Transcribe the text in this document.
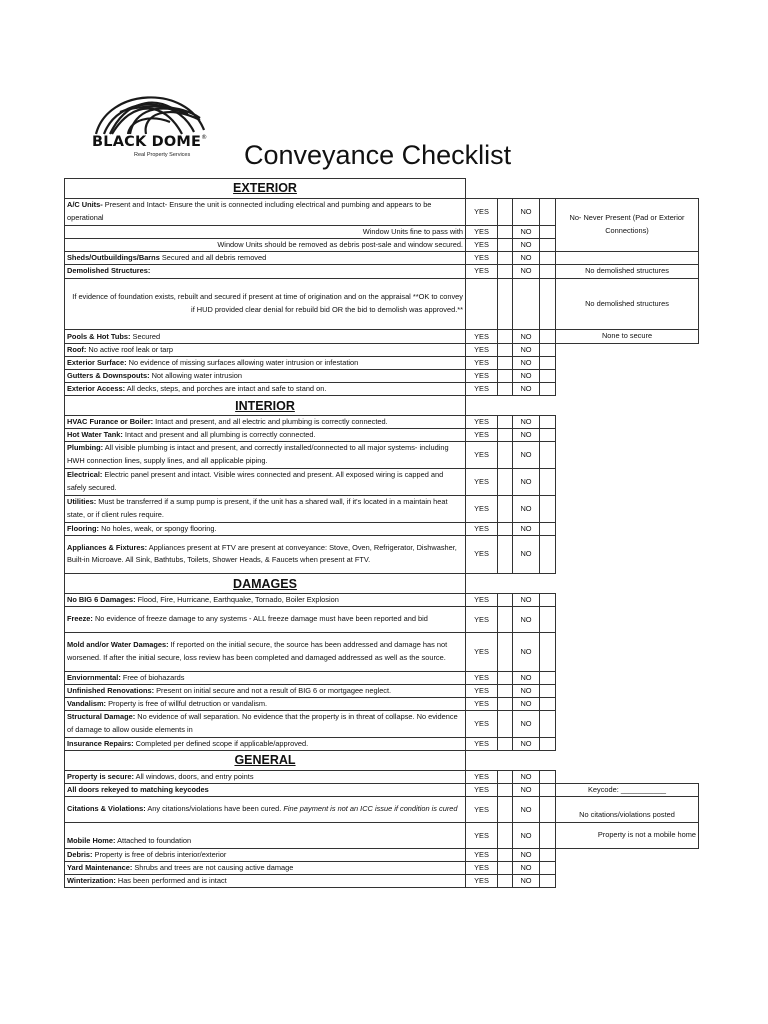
BLACK DOME®
Real Property Services Conveyance Checklist
EXTERIOR						
A/C Units- Present and Intact- Ensure the unit is connected including electrical and pumbing and appears to be operational	YES		NO		No- Never Present (Pad or Exterior Connections)	
Window Units fine to pass with	YES		NO			
Window Units should be removed as debris post-sale and window secured.	YES		NO			
Sheds/Outbuildings/Barns Secured and all debris removed	YES		NO			
Demolished Structures:	YES		NO		No demolished structures	
If evidence of foundation exists, rebuilt and secured if present at time of origination and on the appraisal **OK to convey if HUD provided clear denial for rebuild bid OR the bid to demolish was approved.**					No demolished structures	
Pools & Hot Tubs: Secured	YES		NO		None to secure	
Roof: No active roof leak or tarp	YES		NO			
Exterior Surface: No evidence of missing surfaces allowing water intrusion or infestation	YES		NO			
Gutters & Downspouts: Not allowing water intrusion	YES		NO			
Exterior Access: All decks, steps, and porches are intact and safe to stand on.	YES		NO			
INTERIOR						
HVAC Furance or Boiler: Intact and present, and all electric and plumbing is correctly connected.	YES		NO			
Hot Water Tank: Intact and present and all plumbing is correctly connected.	YES		NO			
Plumbing: All visible plumbing is intact and present, and correctly installed/connected to all major systems- including HWH connection lines, supply lines, and all applicable piping.	YES		NO			
Electrical: Electric panel present and intact. Visible wires connected and present. All exposed wiring is capped and safely secured.	YES		NO			
Utilities: Must be transferred if a sump pump is present, if the unit has a shared wall, if it's located in a maintain heat state, or if client rules require.	YES		NO			
Flooring: No holes, weak, or spongy flooring.	YES		NO			
Appliances & Fixtures: Appliances present at FTV are present at conveyance: Stove, Oven, Refrigerator, Dishwasher, Built-in Microave. All Sink, Bathtubs, Toilets, Shower Heads, & Faucets when present at FTV.	YES		NO			
DAMAGES						
No BIG 6 Damages: Flood, Fire, Hurricane, Earthquake, Tornado, Boiler Explosion	YES		NO			
Freeze: No evidence of freeze damage to any systems - ALL freeze damage must have been reported and bid	YES		NO			
Mold and/or Water Damages: If reported on the initial secure, the source has been addressed and damage has not worsened. If after the initial secure, loss review has been completed and damaged addressed as well as the source.	YES		NO			
Enviornmental: Free of biohazards	YES		NO			
Unfinished Renovations: Present on initial secure and not a result of BIG 6 or mortgagee neglect.	YES		NO			
Vandalism: Property is free of willful detruction or vandalism.	YES		NO			
Structural Damage: No evidence of wall separation. No evidence that the property is in threat of collapse. No evidence of damage to allow ouside elements in	YES		NO			
Insurance Repairs: Completed per defined scope if applicable/approved.	YES		NO			
GENERAL						
Property is secure: All windows, doors, and entry points	YES		NO			
All doors rekeyed to matching keycodes	YES		NO		Keycode: ___________	
Citations & Violations: Any citations/violations have been cured. Fine payment is not an ICC issue if condition is cured	YES		NO		No citations/violations posted	
Mobile Home: Attached to foundation	YES		NO		Property is not a mobile home	
Debris: Property is free of debris interior/exterior	YES		NO			
Yard Maintenance: Shrubs and trees are not causing active damage	YES		NO			
Winterization: Has been performed and is intact	YES		NO			
